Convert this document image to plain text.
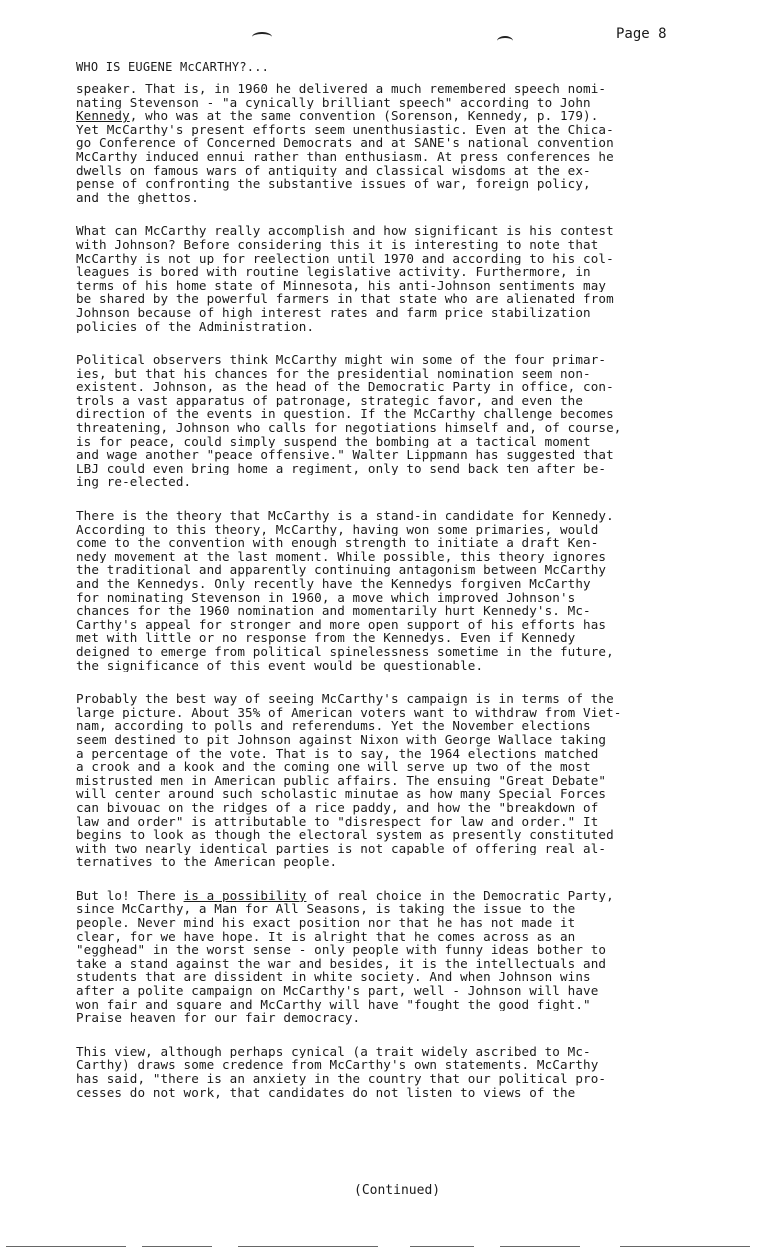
Page 8
WHO IS EUGENE McCARTHY?...
speaker. That is, in 1960 he delivered a much remembered speech nomi-
nating Stevenson - "a cynically brilliant speech" according to John
Kennedy, who was at the same convention (Sorenson, Kennedy, p. 179).
Yet McCarthy's present efforts seem unenthusiastic. Even at the Chica-
go Conference of Concerned Democrats and at SANE's national convention
McCarthy induced ennui rather than enthusiasm. At press conferences he
dwells on famous wars of antiquity and classical wisdoms at the ex-
pense of confronting the substantive issues of war, foreign policy,
and the ghettos.
What can McCarthy really accomplish and how significant is his contest
with Johnson? Before considering this it is interesting to note that
McCarthy is not up for reelection until 1970 and according to his col-
leagues is bored with routine legislative activity. Furthermore, in
terms of his home state of Minnesota, his anti-Johnson sentiments may
be shared by the powerful farmers in that state who are alienated from
Johnson because of high interest rates and farm price stabilization
policies of the Administration.
Political observers think McCarthy might win some of the four primar-
ies, but that his chances for the presidential nomination seem non-
existent. Johnson, as the head of the Democratic Party in office, con-
trols a vast apparatus of patronage, strategic favor, and even the
direction of the events in question. If the McCarthy challenge becomes
threatening, Johnson who calls for negotiations himself and, of course,
is for peace, could simply suspend the bombing at a tactical moment
and wage another "peace offensive." Walter Lippmann has suggested that
LBJ could even bring home a regiment, only to send back ten after be-
ing re-elected.
There is the theory that McCarthy is a stand-in candidate for Kennedy.
According to this theory, McCarthy, having won some primaries, would
come to the convention with enough strength to initiate a draft Ken-
nedy movement at the last moment. While possible, this theory ignores
the traditional and apparently continuing antagonism between McCarthy
and the Kennedys. Only recently have the Kennedys forgiven McCarthy
for nominating Stevenson in 1960, a move which improved Johnson's
chances for the 1960 nomination and momentarily hurt Kennedy's. Mc-
Carthy's appeal for stronger and more open support of his efforts has
met with little or no response from the Kennedys. Even if Kennedy
deigned to emerge from political spinelessness sometime in the future,
the significance of this event would be questionable.
Probably the best way of seeing McCarthy's campaign is in terms of the
large picture. About 35% of American voters want to withdraw from Viet-
nam, according to polls and referendums. Yet the November elections
seem destined to pit Johnson against Nixon with George Wallace taking
a percentage of the vote. That is to say, the 1964 elections matched
a crook and a kook and the coming one will serve up two of the most
mistrusted men in American public affairs. The ensuing "Great Debate"
will center around such scholastic minutae as how many Special Forces
can bivouac on the ridges of a rice paddy, and how the "breakdown of
law and order" is attributable to "disrespect for law and order." It
begins to look as though the electoral system as presently constituted
with two nearly identical parties is not capable of offering real al-
ternatives to the American people.
But lo! There is a possibility of real choice in the Democratic Party,
since McCarthy, a Man for All Seasons, is taking the issue to the
people. Never mind his exact position nor that he has not made it
clear, for we have hope. It is alright that he comes across as an
"egghead" in the worst sense - only people with funny ideas bother to
take a stand against the war and besides, it is the intellectuals and
students that are dissident in white society. And when Johnson wins
after a polite campaign on McCarthy's part, well - Johnson will have
won fair and square and McCarthy will have "fought the good fight."
Praise heaven for our fair democracy.
This view, although perhaps cynical (a trait widely ascribed to Mc-
Carthy) draws some credence from McCarthy's own statements. McCarthy
has said, "there is an anxiety in the country that our political pro-
cesses do not work, that candidates do not listen to views of the
(Continued)
